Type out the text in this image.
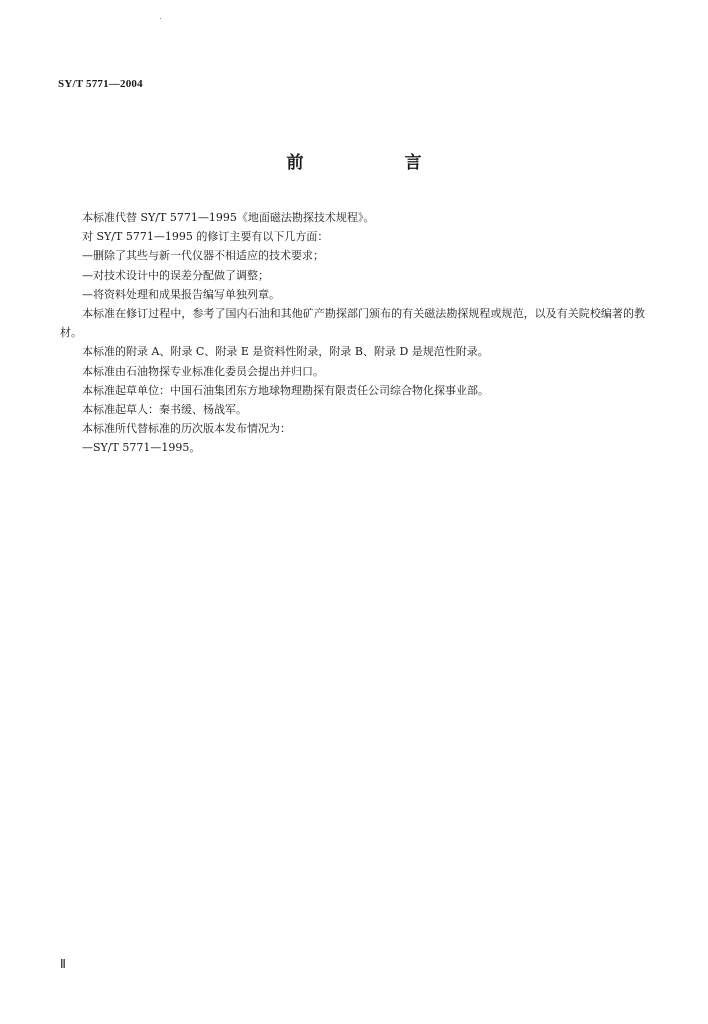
SY/T 5771—2004
前　言

本标准代替 SY/T 5771—1995《地面磁法勘探技术规程》。

对 SY/T 5771—1995 的修订主要有以下几方面：

—删除了其些与新一代仪器不相适应的技术要求；

—对技术设计中的误差分配做了调整；

—将资料处理和成果报告编写单独列章。

本标准在修订过程中，参考了国内石油和其他矿产勘探部门颁布的有关磁法勘探规程或规范，以及有关院校编著的教材。

本标准的附录 A、附录 C、附录 E 是资料性附录，附录 B、附录 D 是规范性附录。

本标准由石油物探专业标准化委员会提出并归口。

本标准起草单位：中国石油集团东方地球物理勘探有限责任公司综合物化探事业部。

本标准起草人：秦书缓、杨战军。

本标准所代替标准的历次版本发布情况为：

—SY/T 5771—1995。

Ⅱ
